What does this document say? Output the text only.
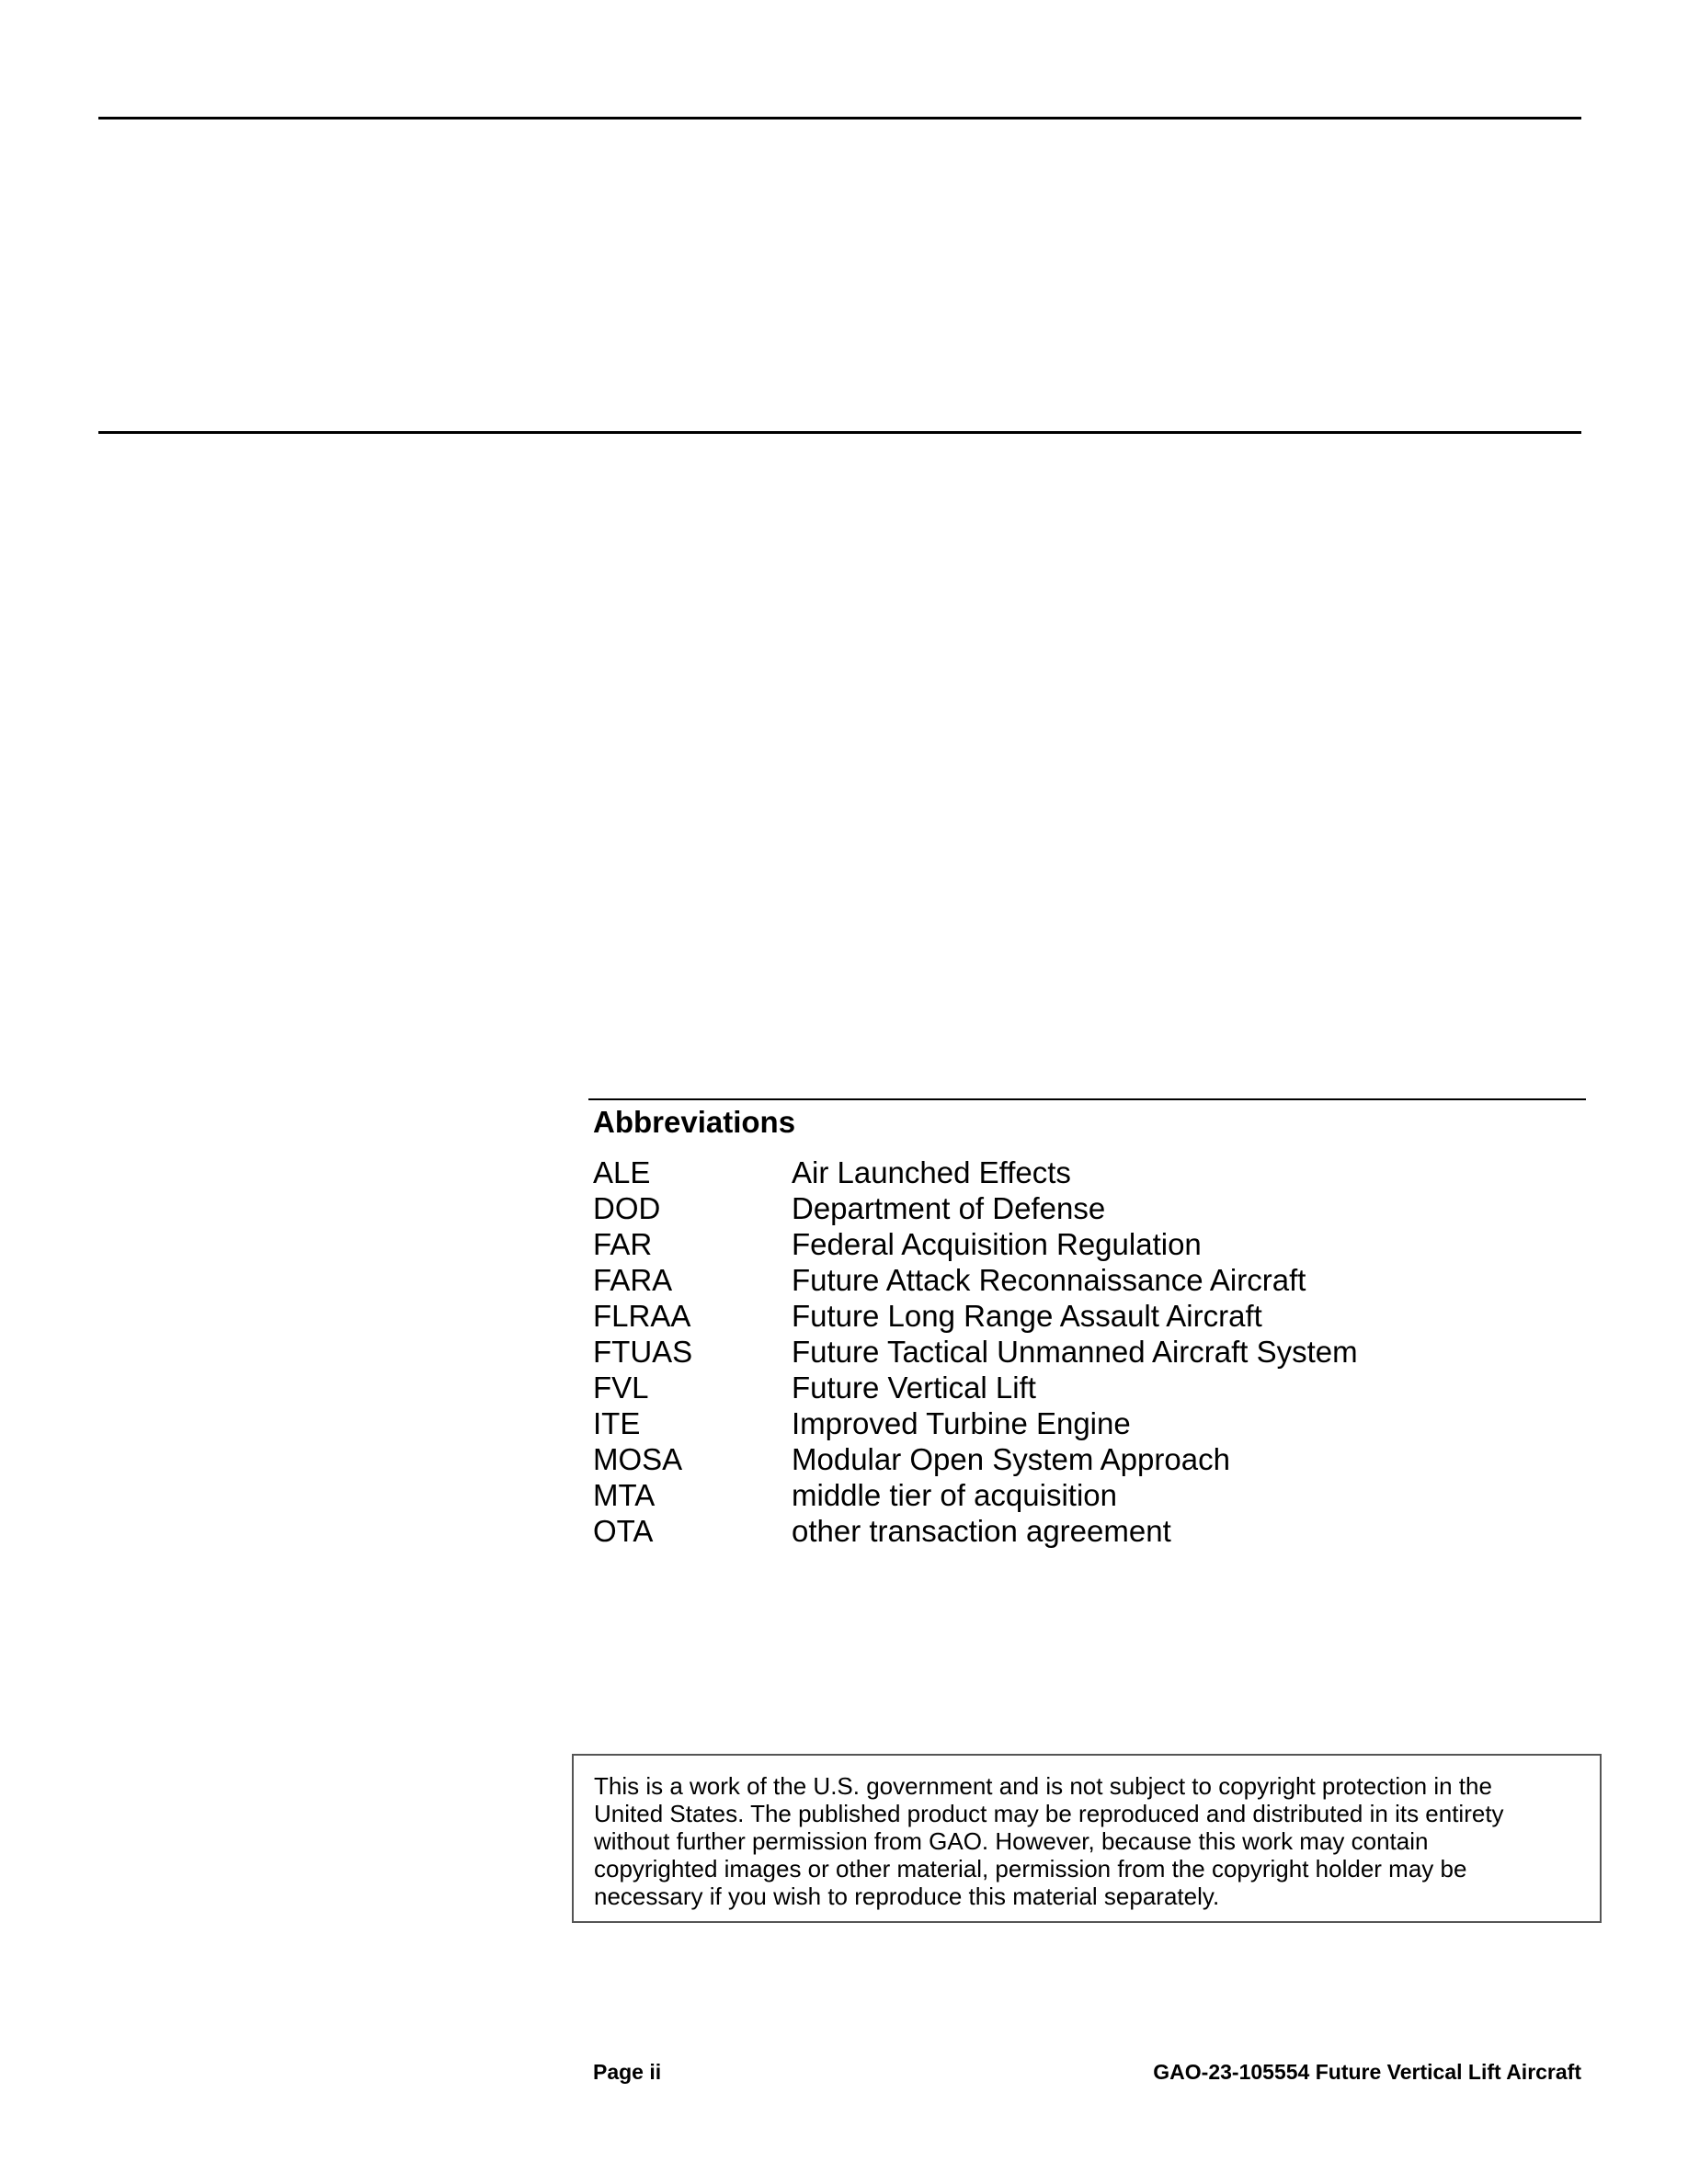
Abbreviations
ALE	Air Launched Effects
DOD	Department of Defense
FAR	Federal Acquisition Regulation
FARA	Future Attack Reconnaissance Aircraft
FLRAA	Future Long Range Assault Aircraft
FTUAS	Future Tactical Unmanned Aircraft System
FVL	Future Vertical Lift
ITE	Improved Turbine Engine
MOSA	Modular Open System Approach
MTA	middle tier of acquisition
OTA	other transaction agreement
This is a work of the U.S. government and is not subject to copyright protection in the
United States. The published product may be reproduced and distributed in its entirety
without further permission from GAO. However, because this work may contain
copyrighted images or other material, permission from the copyright holder may be
necessary if you wish to reproduce this material separately.
Page ii	GAO-23-105554 Future Vertical Lift Aircraft
